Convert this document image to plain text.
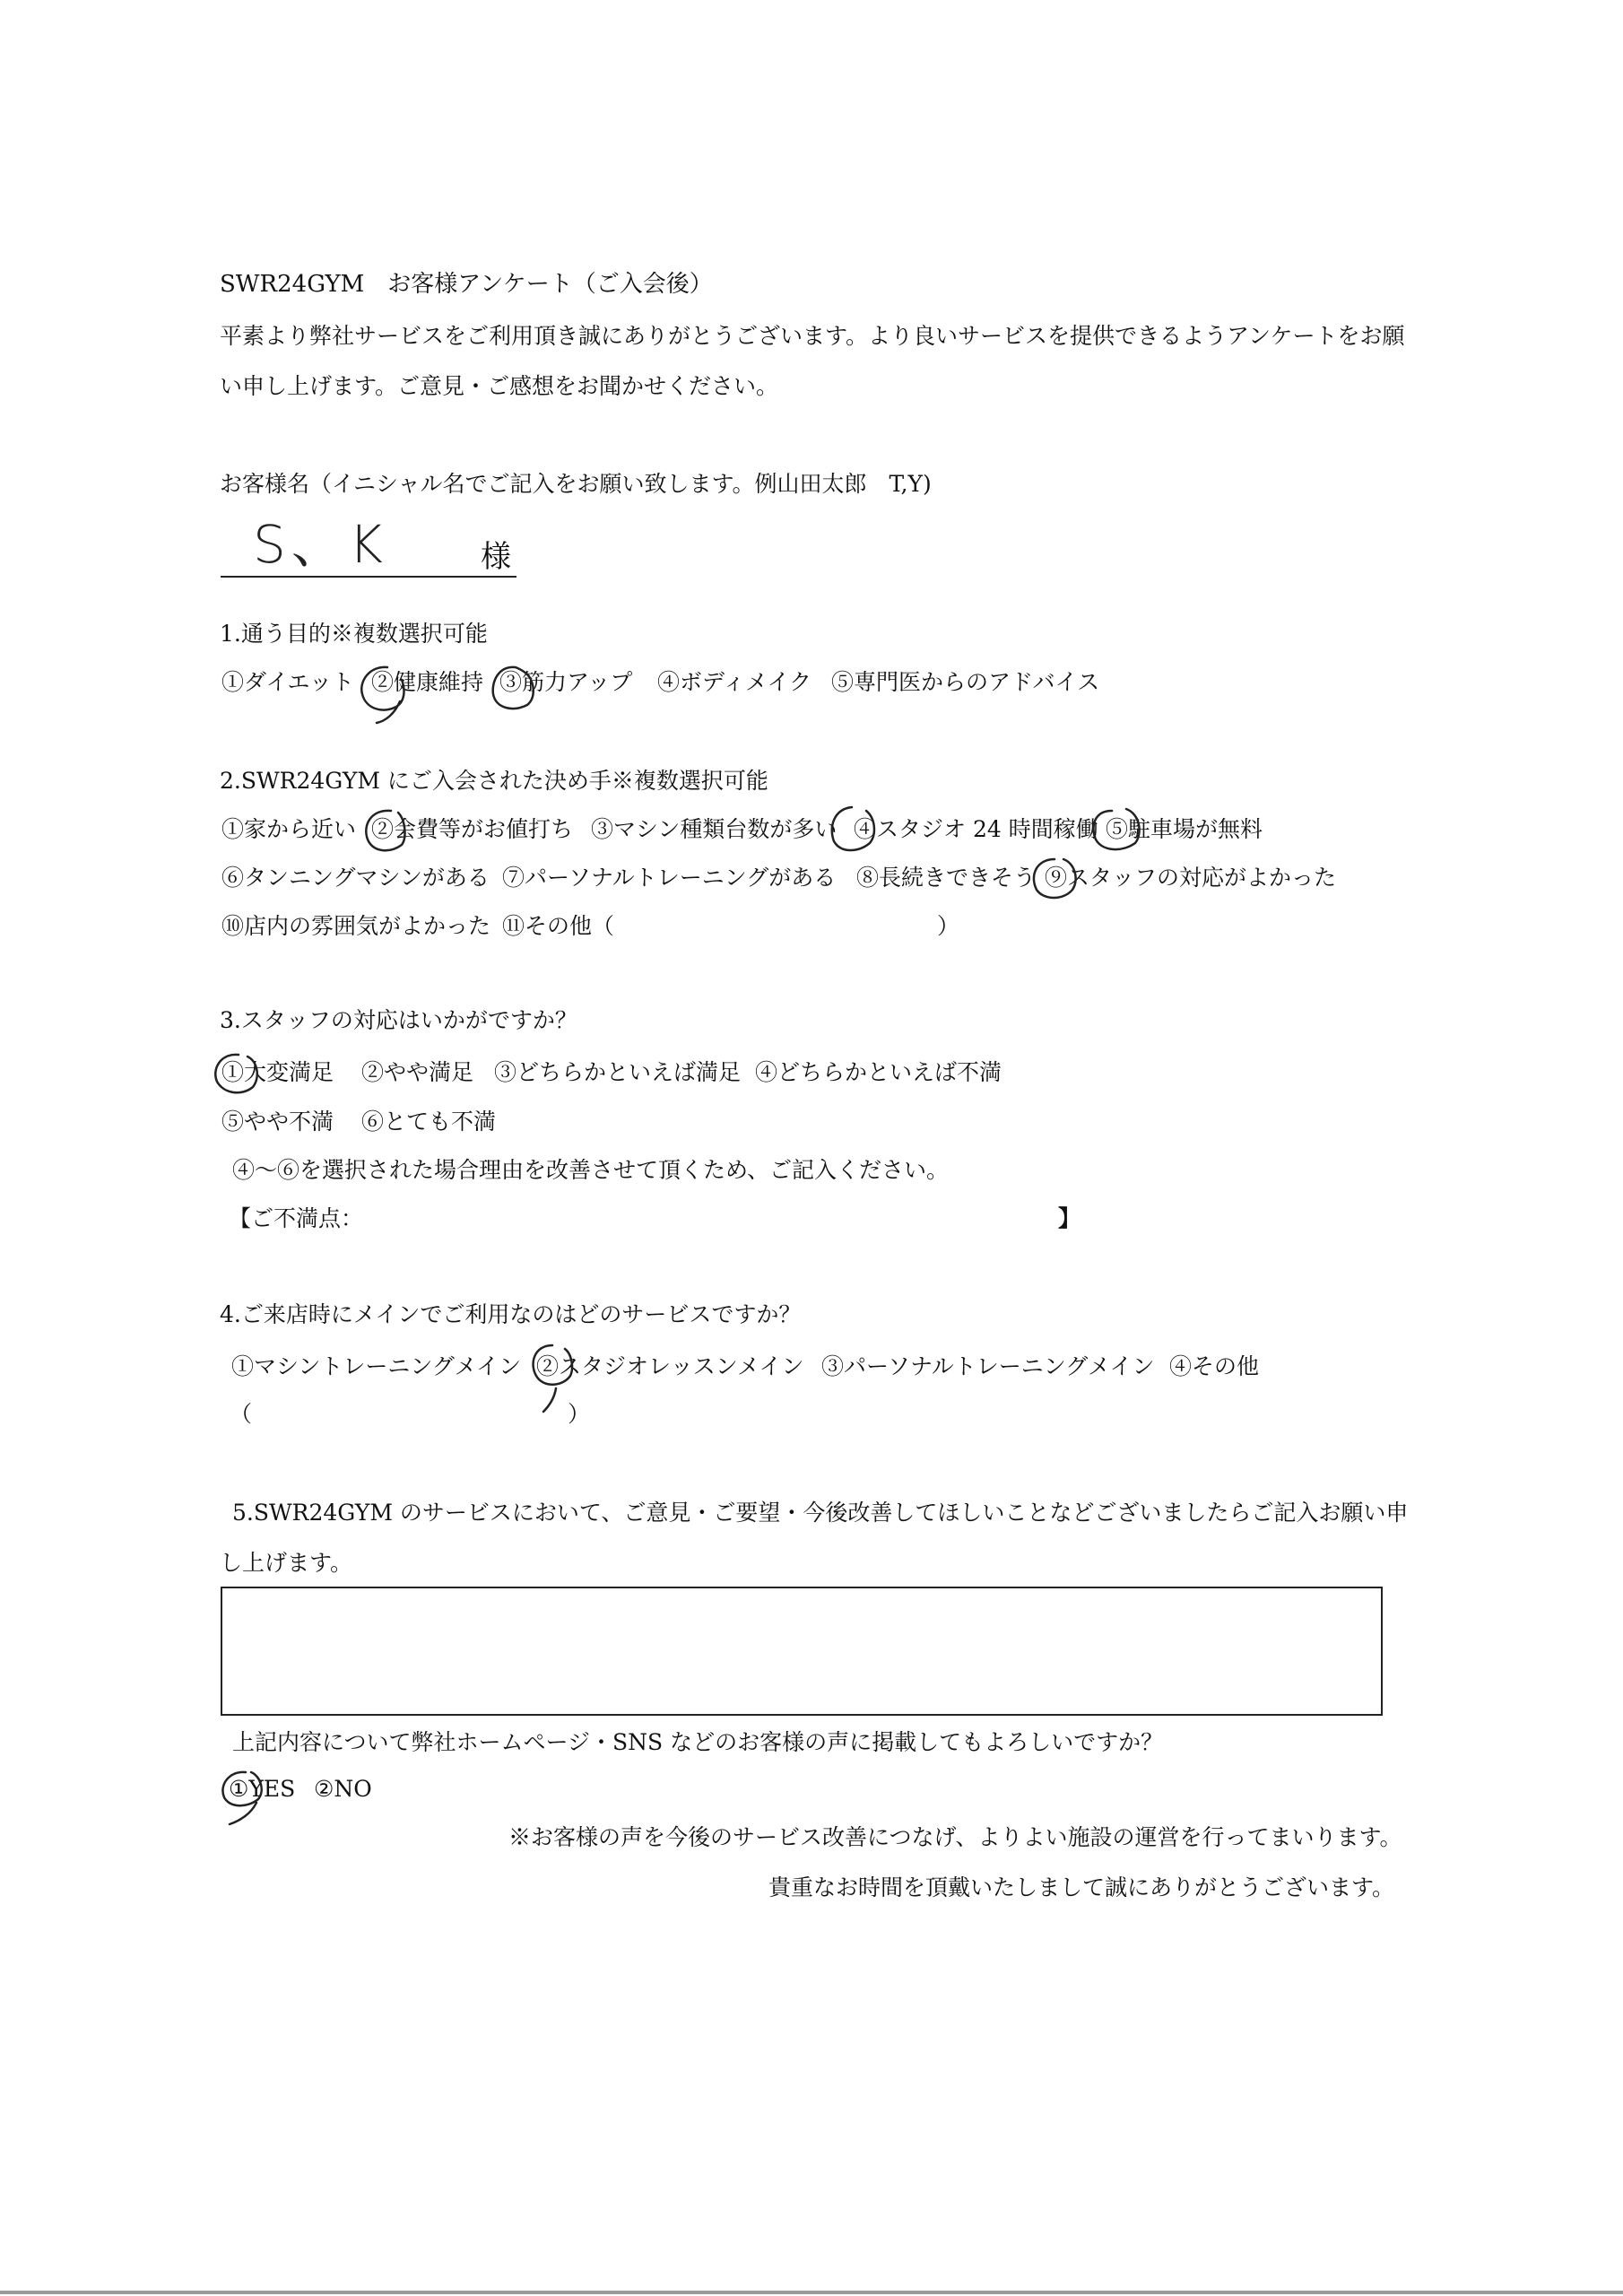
SWR24GYM　お客様アンケート（ご入会後）
平素より弊社サービスをご利用頂き誠にありがとうございます。より良いサービスを提供できるようアンケートをお願
い申し上げます。ご意見・ご感想をお聞かせください。
お客様名（イニシャル名でご記入をお願い致します。例山田太郎　T,Y)
S、K	様
1.通う目的※複数選択可能
①ダイエット ②健康維持 ③筋力アップ ④ボディメイク ⑤専門医からのアドバイス
2.SWR24GYM にご入会された決め手※複数選択可能
①家から近い ②会費等がお値打ち ③マシン種類台数が多い ④スタジオ 24 時間稼働 ⑤駐車場が無料
⑥タンニングマシンがある ⑦パーソナルトレーニングがある ⑧長続きできそう ⑨スタッフの対応がよかった
⑩店内の雰囲気がよかった ⑪その他（	）
3.スタッフの対応はいかがですか？
①大変満足 ②やや満足 ③どちらかといえば満足 ④どちらかといえば不満
⑤やや不満 ⑥とても不満
④～⑥を選択された場合理由を改善させて頂くため、ご記入ください。
【ご不満点：	】
4.ご来店時にメインでご利用なのはどのサービスですか？
①マシントレーニングメイン ②スタジオレッスンメイン ③パーソナルトレーニングメイン ④その他
（	）
5.SWR24GYM のサービスにおいて、ご意見・ご要望・今後改善してほしいことなどございましたらご記入お願い申
し上げます。
上記内容について弊社ホームページ・SNS などのお客様の声に掲載してもよろしいですか？
①YES ②NO
※お客様の声を今後のサービス改善につなげ、よりよい施設の運営を行ってまいります。
貴重なお時間を頂戴いたしまして誠にありがとうございます。
